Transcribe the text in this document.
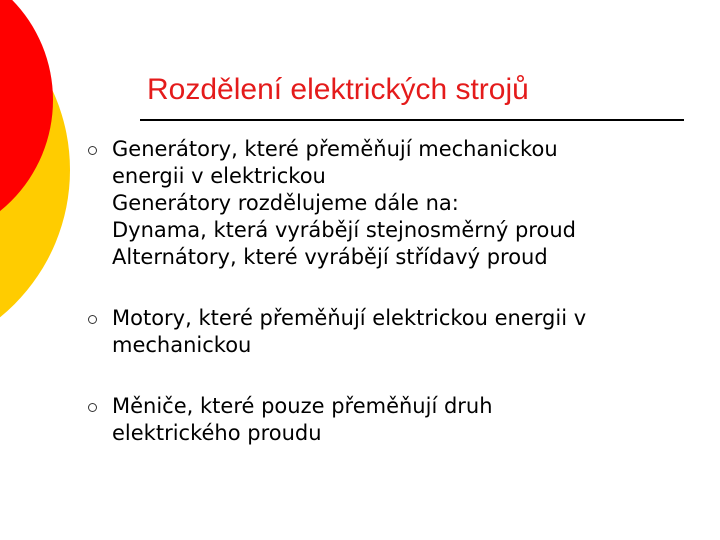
Rozdělení elektrických strojů
Generátory, které přeměňují mechanickou
energii v elektrickou
Generátory rozdělujeme dále na:
Dynama, která vyrábějí stejnosměrný proud
Alternátory, které vyrábějí střídavý proud
Motory, které přeměňují elektrickou energii v
mechanickou
Měniče, které pouze přeměňují druh
elektrického proudu
